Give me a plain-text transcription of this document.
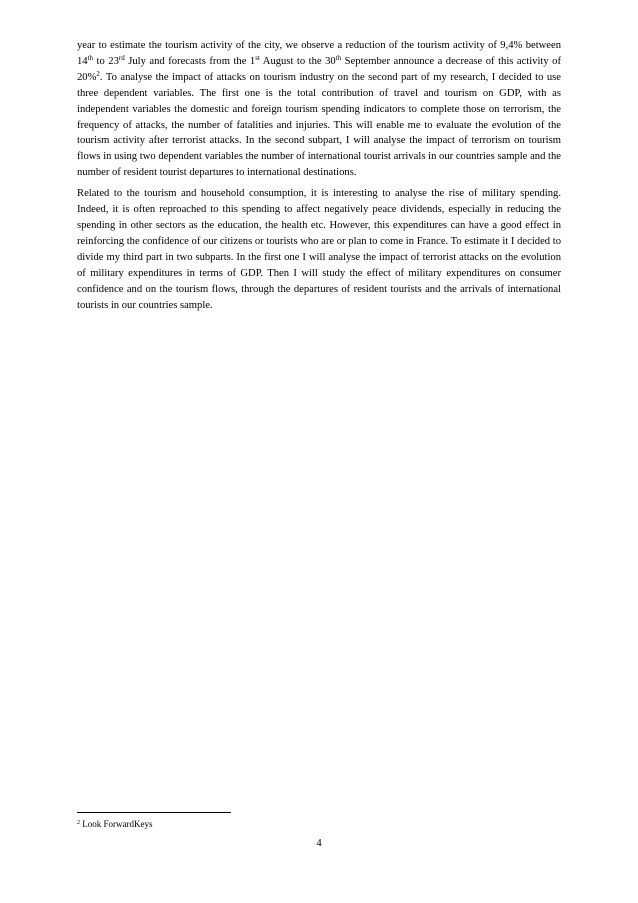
year to estimate the tourism activity of the city, we observe a reduction of the tourism activity of 9,4% between 14th to 23rd July and forecasts from the 1st August to the 30th September announce a decrease of this activity of 20%$^2$. To analyse the impact of attacks on tourism industry on the second part of my research, I decided to use three dependent variables. The first one is the total contribution of travel and tourism on GDP, with as independent variables the domestic and foreign tourism spending indicators to complete those on terrorism, the frequency of attacks, the number of fatalities and injuries. This will enable me to evaluate the evolution of the tourism activity after terrorist attacks. In the second subpart, I will analyse the impact of terrorism on tourism flows in using two dependent variables the number of international tourist arrivals in our countries sample and the number of resident tourist departures to international destinations.

Related to the tourism and household consumption, it is interesting to analyse the rise of military spending. Indeed, it is often reproached to this spending to affect negatively peace dividends, especially in reducing the spending in other sectors as the education, the health etc. However, this expenditures can have a good effect in reinforcing the confidence of our citizens or tourists who are or plan to come in France. To estimate it I decided to divide my third part in two subparts. In the first one I will analyse the impact of terrorist attacks on the evolution of military expenditures in terms of GDP. Then I will study the effect of military expenditures on consumer confidence and on the tourism flows, through the departures of resident tourists and the arrivals of international tourists in our countries sample.

$^2$ Look ForwardKeys
4
